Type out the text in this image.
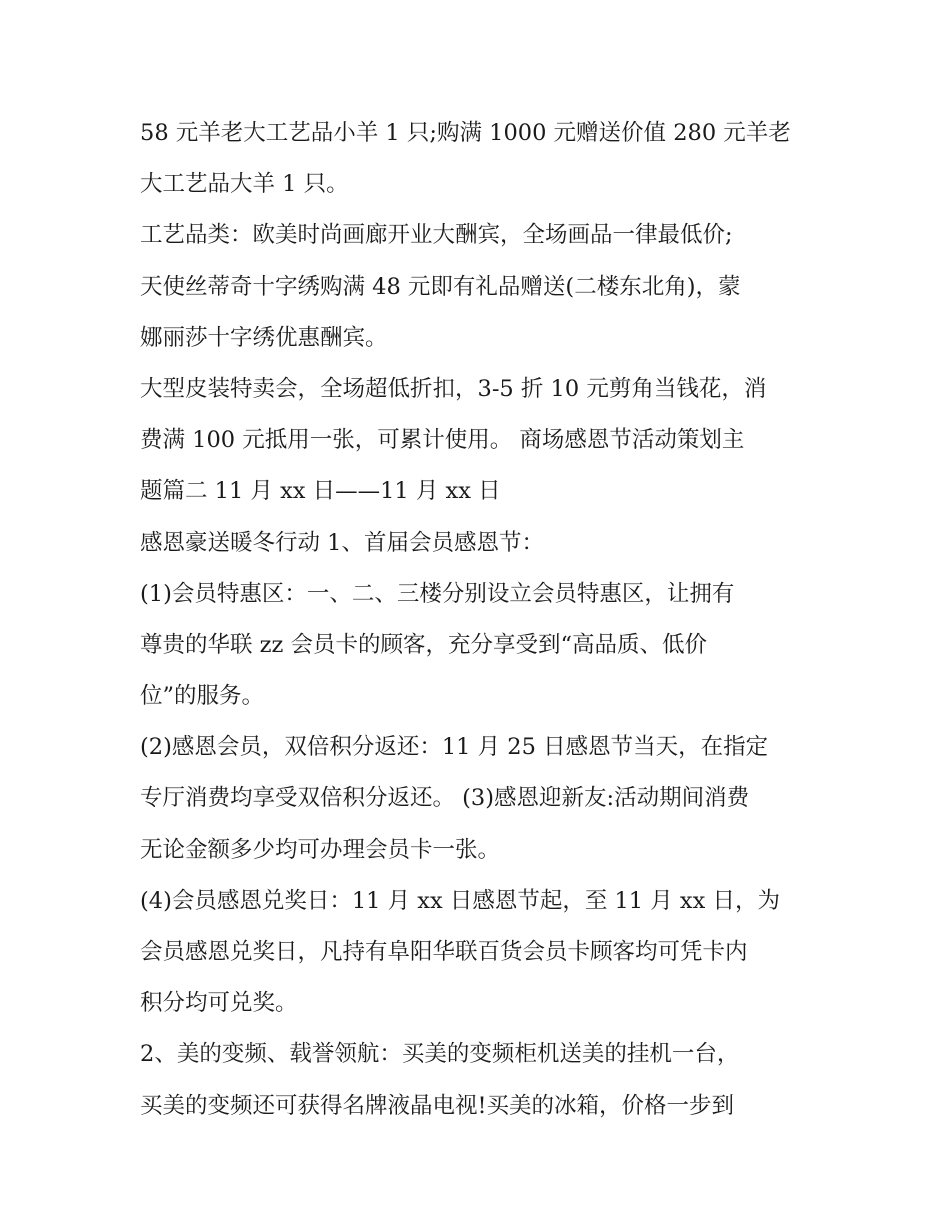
58 元羊老大工艺品小羊 1 只;购满 1000 元赠送价值 280 元羊老
大工艺品大羊 1 只。
工艺品类：欧美时尚画廊开业大酬宾，全场画品一律最低价;
天使丝蒂奇十字绣购满 48 元即有礼品赠送(二楼东北角)，蒙
娜丽莎十字绣优惠酬宾。
大型皮装特卖会，全场超低折扣，3-5 折 10 元剪角当钱花，消
费满 100 元抵用一张，可累计使用。 商场感恩节活动策划主
题篇二 11 月 xx 日——11 月 xx 日
感恩豪送暖冬行动 1、首届会员感恩节：
(1)会员特惠区：一、二、三楼分别设立会员特惠区，让拥有
尊贵的华联 zz 会员卡的顾客，充分享受到“高品质、低价
位”的服务。
(2)感恩会员，双倍积分返还：11 月 25 日感恩节当天，在指定
专厅消费均享受双倍积分返还。 (3)感恩迎新友:活动期间消费
无论金额多少均可办理会员卡一张。
(4)会员感恩兑奖日：11 月 xx 日感恩节起，至 11 月 xx 日，为
会员感恩兑奖日，凡持有阜阳华联百货会员卡顾客均可凭卡内
积分均可兑奖。
2、美的变频、载誉领航：买美的变频柜机送美的挂机一台，
买美的变频还可获得名牌液晶电视!买美的冰箱，价格一步到
